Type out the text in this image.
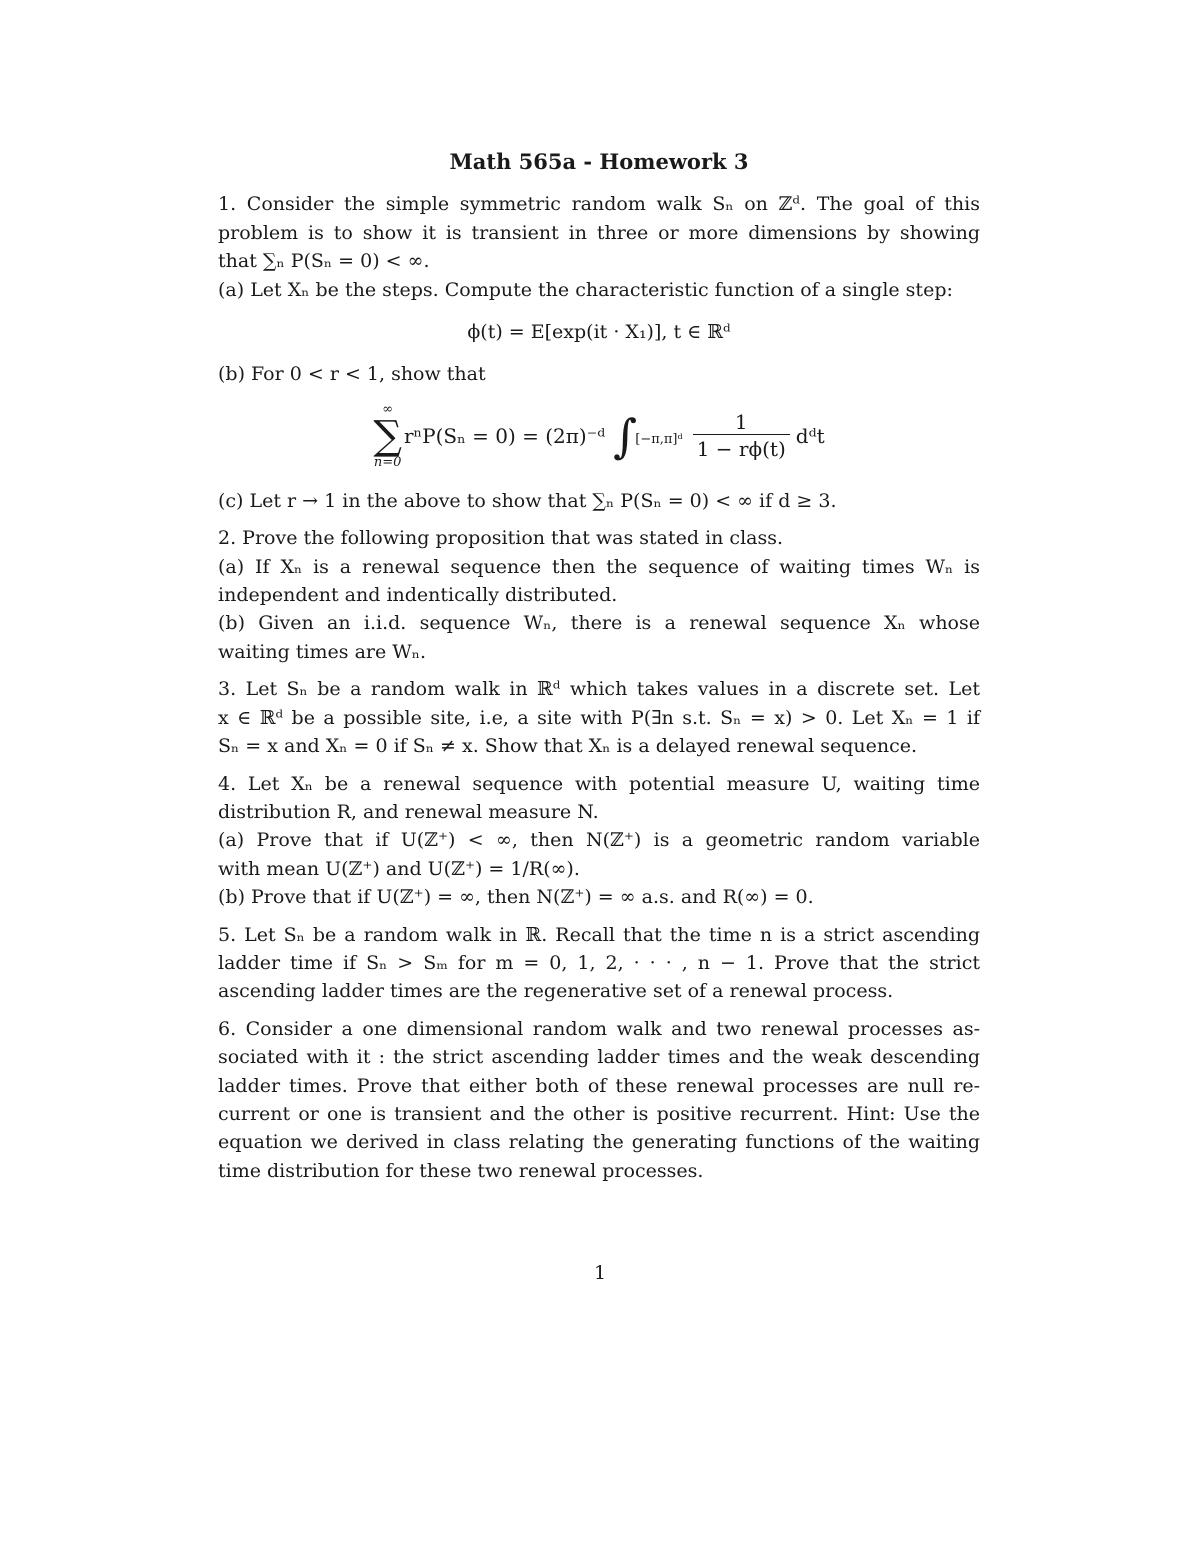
Math 565a - Homework 3
1. Consider the simple symmetric random walk Sₙ on ℤᵈ. The goal of this
problem is to show it is transient in three or more dimensions by showing
that ∑ₙ P(Sₙ = 0) < ∞.
(a) Let Xₙ be the steps. Compute the characteristic function of a single step:
ϕ(t) = E[exp(it · X₁)], t ∈ ℝᵈ
(b) For 0 < r < 1, show that
∞
∑
n=0
rⁿP(Sₙ = 0) = (2π)⁻ᵈ ∫
[−π,π]ᵈ $\frac{1}{1 - r\phi(t)}$ dᵈt
(c) Let r → 1 in the above to show that ∑ₙ P(Sₙ = 0) < ∞ if d ≥ 3.
2. Prove the following proposition that was stated in class.
(a) If Xₙ is a renewal sequence then the sequence of waiting times Wₙ is
independent and indentically distributed.
(b) Given an i.i.d. sequence Wₙ, there is a renewal sequence Xₙ whose
waiting times are Wₙ.
3. Let Sₙ be a random walk in ℝᵈ which takes values in a discrete set. Let
x ∈ ℝᵈ be a possible site, i.e, a site with P(∃n s.t. Sₙ = x) > 0. Let Xₙ = 1 if
Sₙ = x and Xₙ = 0 if Sₙ ≠ x. Show that Xₙ is a delayed renewal sequence.
4. Let Xₙ be a renewal sequence with potential measure U, waiting time
distribution R, and renewal measure N.
(a) Prove that if U(ℤ⁺) < ∞, then N(ℤ⁺) is a geometric random variable
with mean U(ℤ⁺) and U(ℤ⁺) = 1/R(∞).
(b) Prove that if U(ℤ⁺) = ∞, then N(ℤ⁺) = ∞ a.s. and R(∞) = 0.
5. Let Sₙ be a random walk in ℝ. Recall that the time n is a strict ascending
ladder time if Sₙ > Sₘ for m = 0, 1, 2, · · · , n − 1. Prove that the strict
ascending ladder times are the regenerative set of a renewal process.
6. Consider a one dimensional random walk and two renewal processes as-
sociated with it : the strict ascending ladder times and the weak descending
ladder times. Prove that either both of these renewal processes are null re-
current or one is transient and the other is positive recurrent. Hint: Use the
equation we derived in class relating the generating functions of the waiting
time distribution for these two renewal processes.
1
